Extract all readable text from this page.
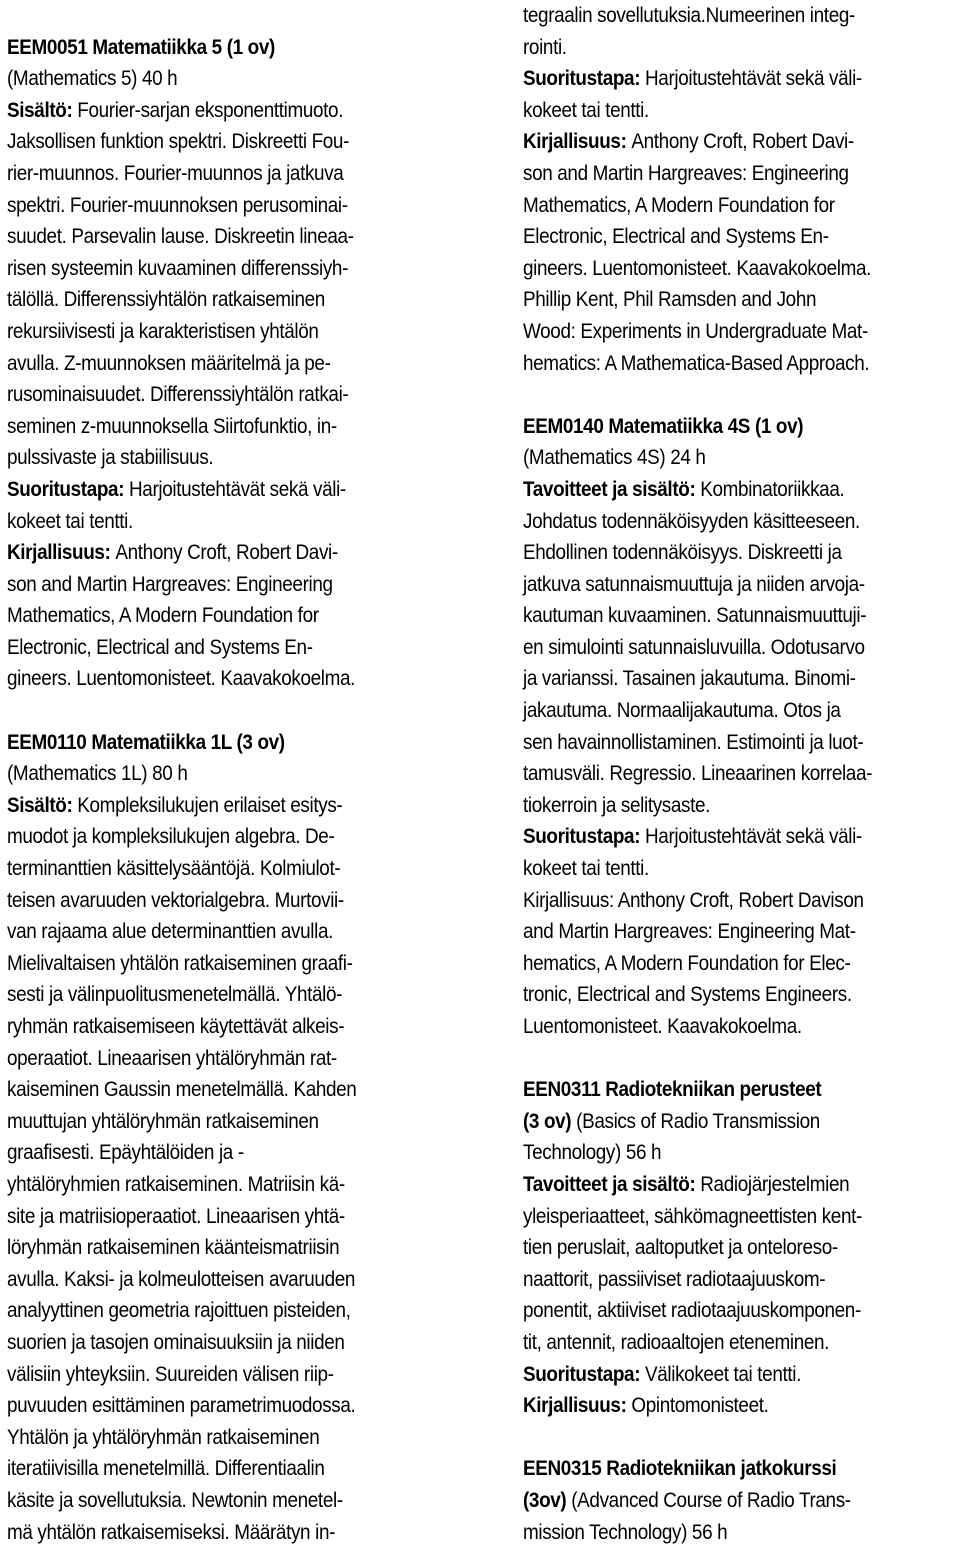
EEM0051 Matematiikka 5 (1 ov)
(Mathematics 5) 40 h
Sisältö: Fourier-sarjan eksponenttimuoto.
Jaksollisen funktion spektri. Diskreetti Fou-
rier-muunnos. Fourier-muunnos ja jatkuva
spektri. Fourier-muunnoksen perusominai-
suudet. Parsevalin lause. Diskreetin lineaa-
risen systeemin kuvaaminen differenssiyh-
tälöllä. Differenssiyhtälön ratkaiseminen
rekursiivisesti ja karakteristisen yhtälön
avulla. Z-muunnoksen määritelmä ja pe-
rusominaisuudet. Differenssiyhtälön ratkai-
seminen z-muunnoksella Siirtofunktio, in-
pulssivaste ja stabiilisuus.
Suoritustapa: Harjoitustehtävät sekä väli-
kokeet tai tentti.
Kirjallisuus: Anthony Croft, Robert Davi-
son and Martin Hargreaves: Engineering
Mathematics, A Modern Foundation for
Electronic, Electrical and Systems En-
gineers. Luentomonisteet. Kaavakokoelma.
EEM0110 Matematiikka 1L (3 ov)
(Mathematics 1L) 80 h
Sisältö: Kompleksilukujen erilaiset esitys-
muodot ja kompleksilukujen algebra. De-
terminanttien käsittelysääntöjä. Kolmiulot-
teisen avaruuden vektorialgebra. Murtovii-
van rajaama alue determinanttien avulla.
Mielivaltaisen yhtälön ratkaiseminen graafi-
sesti ja välinpuolitusmenetelmällä. Yhtälö-
ryhmän ratkaisemiseen käytettävät alkeis-
operaatiot. Lineaarisen yhtälöryhmän rat-
kaiseminen Gaussin menetelmällä. Kahden
muuttujan yhtälöryhmän ratkaiseminen
graafisesti. Epäyhtälöiden ja -
yhtälöryhmien ratkaiseminen. Matriisin kä-
site ja matriisioperaatiot. Lineaarisen yhtä-
löryhmän ratkaiseminen käänteismatriisin
avulla. Kaksi- ja kolmeulotteisen avaruuden
analyyttinen geometria rajoittuen pisteiden,
suorien ja tasojen ominaisuuksiin ja niiden
välisiin yhteyksiin. Suureiden välisen riip-
puvuuden esittäminen parametrimuodossa.
Yhtälön ja yhtälöryhmän ratkaiseminen
iteratiivisilla menetelmillä. Differentiaalin
käsite ja sovellutuksia. Newtonin menetel-
mä yhtälön ratkaisemiseksi. Määrätyn in-
tegraalin sovellutuksia.Numeerinen integ-
rointi.
Suoritustapa: Harjoitustehtävät sekä väli-
kokeet tai tentti.
Kirjallisuus: Anthony Croft, Robert Davi-
son and Martin Hargreaves: Engineering
Mathematics, A Modern Foundation for
Electronic, Electrical and Systems En-
gineers. Luentomonisteet. Kaavakokoelma.
Phillip Kent, Phil Ramsden and John
Wood: Experiments in Undergraduate Mat-
hematics: A Mathematica-Based Approach.
EEM0140 Matematiikka 4S (1 ov)
(Mathematics 4S) 24 h
Tavoitteet ja sisältö: Kombinatoriikkaa.
Johdatus todennäköisyyden käsitteeseen.
Ehdollinen todennäköisyys. Diskreetti ja
jatkuva satunnaismuuttuja ja niiden arvoja-
kautuman kuvaaminen. Satunnaismuuttuji-
en simulointi satunnaisluvuilla. Odotusarvo
ja varianssi. Tasainen jakautuma. Binomi-
jakautuma. Normaalijakautuma. Otos ja
sen havainnollistaminen. Estimointi ja luot-
tamusväli. Regressio. Lineaarinen korrelaa-
tiokerroin ja selitysaste.
Suoritustapa: Harjoitustehtävät sekä väli-
kokeet tai tentti.
Kirjallisuus: Anthony Croft, Robert Davison
and Martin Hargreaves: Engineering Mat-
hematics, A Modern Foundation for Elec-
tronic, Electrical and Systems Engineers.
Luentomonisteet. Kaavakokoelma.
EEN0311 Radiotekniikan perusteet
(3 ov) (Basics of Radio Transmission
Technology) 56 h
Tavoitteet ja sisältö: Radiojärjestelmien
yleisperiaatteet, sähkömagneettisten kent-
tien peruslait, aaltoputket ja onteloreso-
naattorit, passiiviset radiotaajuuskom-
ponentit, aktiiviset radiotaajuuskomponen-
tit, antennit, radioaaltojen eteneminen.
Suoritustapa: Välikokeet tai tentti.
Kirjallisuus: Opintomonisteet.
EEN0315 Radiotekniikan jatkokurssi
(3ov) (Advanced Course of Radio Trans-
mission Technology) 56 h
